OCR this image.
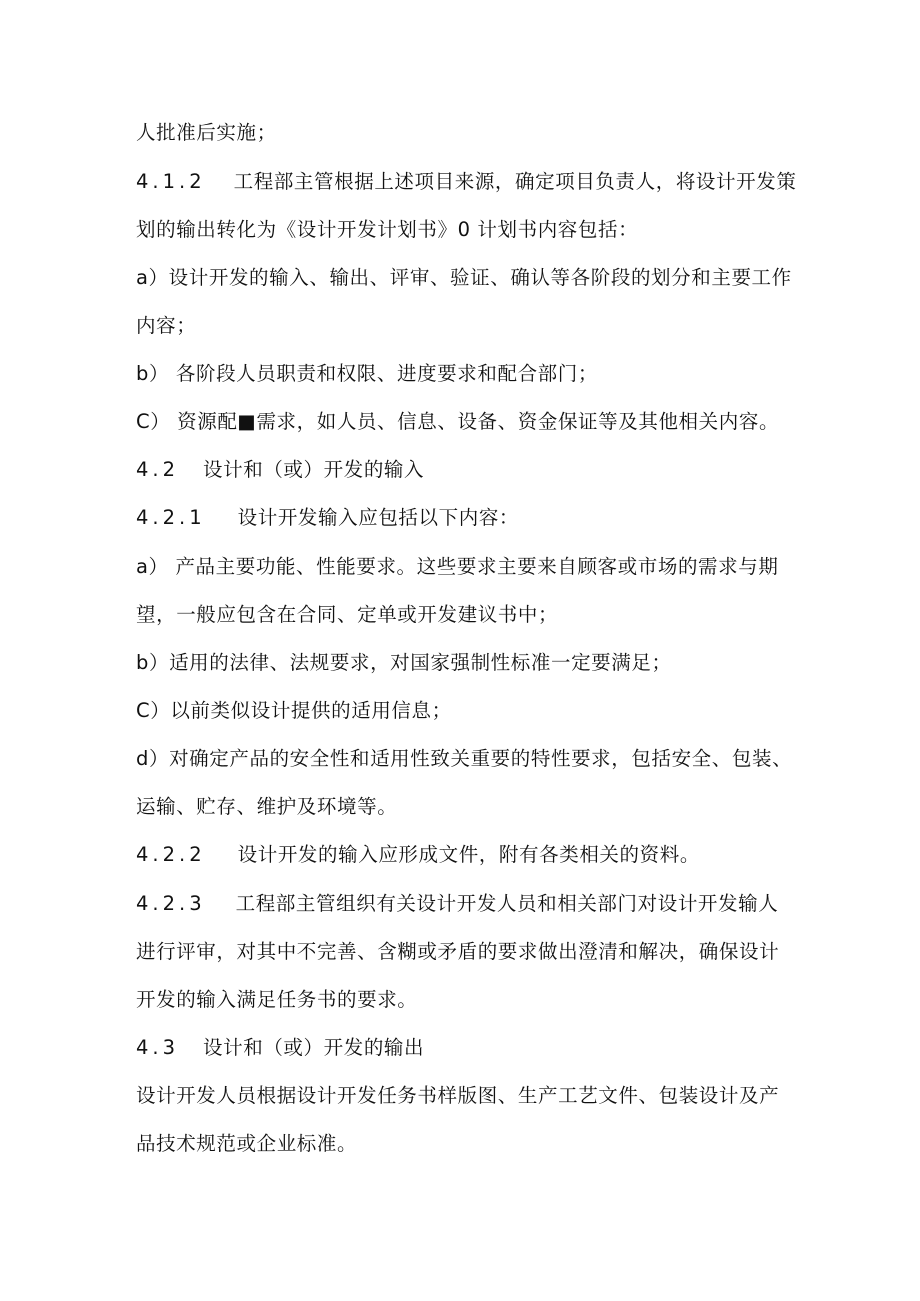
人批准后实施；
4.1.2 工程部主管根据上述项目来源，确定项目负责人，将设计开发策
划的输出转化为《设计开发计划书》0 计划书内容包括：
a）设计开发的输入、输出、评审、验证、确认等各阶段的划分和主要工作
内容；
b） 各阶段人员职责和权限、进度要求和配合部门；
C） 资源配■需求，如人员、信息、设备、资金保证等及其他相关内容。
4.2 设计和（或）开发的输入
4.2.1 设计开发输入应包括以下内容：
a） 产品主要功能、性能要求。这些要求主要来自顾客或市场的需求与期
望，一般应包含在合同、定单或开发建议书中；
b）适用的法律、法规要求，对国家强制性标准一定要满足；
C）以前类似设计提供的适用信息；
d）对确定产品的安全性和适用性致关重要的特性要求，包括安全、包装、
运输、贮存、维护及环境等。
4.2.2 设计开发的输入应形成文件，附有各类相关的资料。
4.2.3 工程部主管组织有关设计开发人员和相关部门对设计开发输人
进行评审，对其中不完善、含糊或矛盾的要求做出澄清和解决，确保设计
开发的输入满足任务书的要求。
4.3 设计和（或）开发的输出
设计开发人员根据设计开发任务书样版图、生产工艺文件、包装设计及产
品技术规范或企业标准。
